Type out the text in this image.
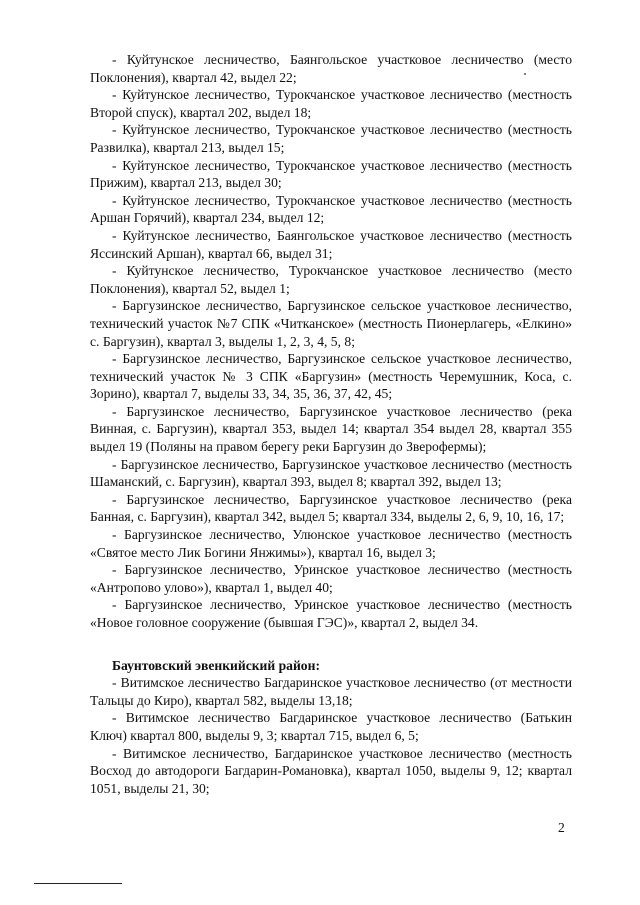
- Куйтунское лесничество, Баянгольское участковое лесничество (место Поклонения), квартал 42, выдел 22;

- Куйтунское лесничество, Турокчанское участковое лесничество (местность Второй спуск), квартал 202, выдел 18;

- Куйтунское лесничество, Турокчанское участковое лесничество (местность Развилка), квартал 213, выдел 15;

- Куйтунское лесничество, Турокчанское участковое лесничество (местность Прижим), квартал 213, выдел 30;

- Куйтунское лесничество, Турокчанское участковое лесничество (местность Аршан Горячий), квартал 234, выдел 12;

- Куйтунское лесничество, Баянгольское участковое лесничество (местность Яссинский Аршан), квартал 66, выдел 31;

- Куйтунское лесничество, Турокчанское участковое лесничество (место Поклонения), квартал 52, выдел 1;

- Баргузинское лесничество, Баргузинское сельское участковое лесничество, технический участок №7 СПК «Читканское» (местность Пионерлагерь, «Елкино» с. Баргузин), квартал 3, выделы 1, 2, 3, 4, 5, 8;

- Баргузинское лесничество, Баргузинское сельское участковое лесничество, технический участок № 3 СПК «Баргузин» (местность Черемушник, Коса, с. Зорино), квартал 7, выделы 33, 34, 35, 36, 37, 42, 45;

- Баргузинское лесничество, Баргузинское участковое лесничество (река Винная, с. Баргузин), квартал 353, выдел 14; квартал 354 выдел 28, квартал 355 выдел 19 (Поляны на правом берегу реки Баргузин до Зверофермы);

- Баргузинское лесничество, Баргузинское участковое лесничество (местность Шаманский, с. Баргузин), квартал 393, выдел 8; квартал 392, выдел 13;

- Баргузинское лесничество, Баргузинское участковое лесничество (река Банная, с. Баргузин), квартал 342, выдел 5; квартал 334, выделы 2, 6, 9, 10, 16, 17;

- Баргузинское лесничество, Улюнское участковое лесничество (местность «Святое место Лик Богини Янжимы»), квартал 16, выдел 3;

- Баргузинское лесничество, Уринское участковое лесничество (местность «Антропово улово»), квартал 1, выдел 40;

- Баргузинское лесничество, Уринское участковое лесничество (местность «Новое головное сооружение (бывшая ГЭС)», квартал 2, выдел 34.

Баунтовский эвенкийский район:

- Витимское лесничество Багдаринское участковое лесничество (от местности Тальцы до Киро), квартал 582, выделы 13,18;

- Витимское лесничество Багдаринское участковое лесничество (Батькин Ключ) квартал 800, выделы 9, 3; квартал 715, выдел 6, 5;

- Витимское лесничество, Багдаринское участковое лесничество (местность Восход до автодороги Багдарин-Романовка), квартал 1050, выделы 9, 12; квартал 1051, выделы 21, 30;

2
